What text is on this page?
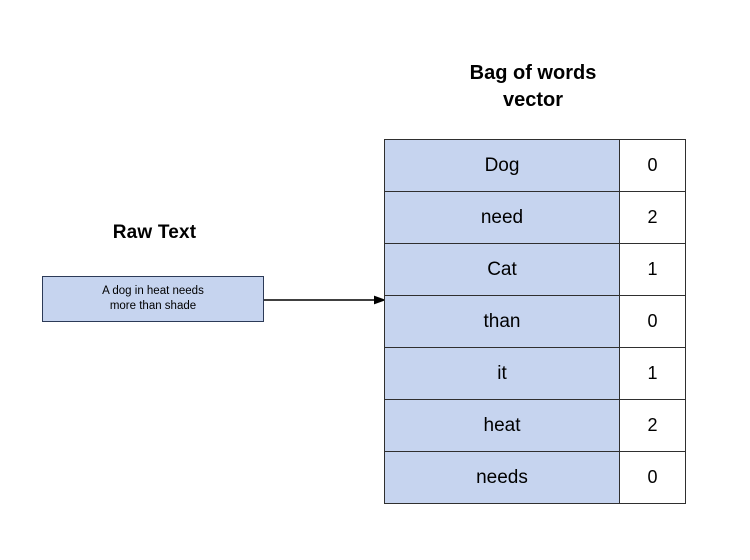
Raw Text
A dog in heat needs
more than shade
Bag of words
vector
Dog	0
need	2
Cat	1
than	0
it	1
heat	2
needs	0
